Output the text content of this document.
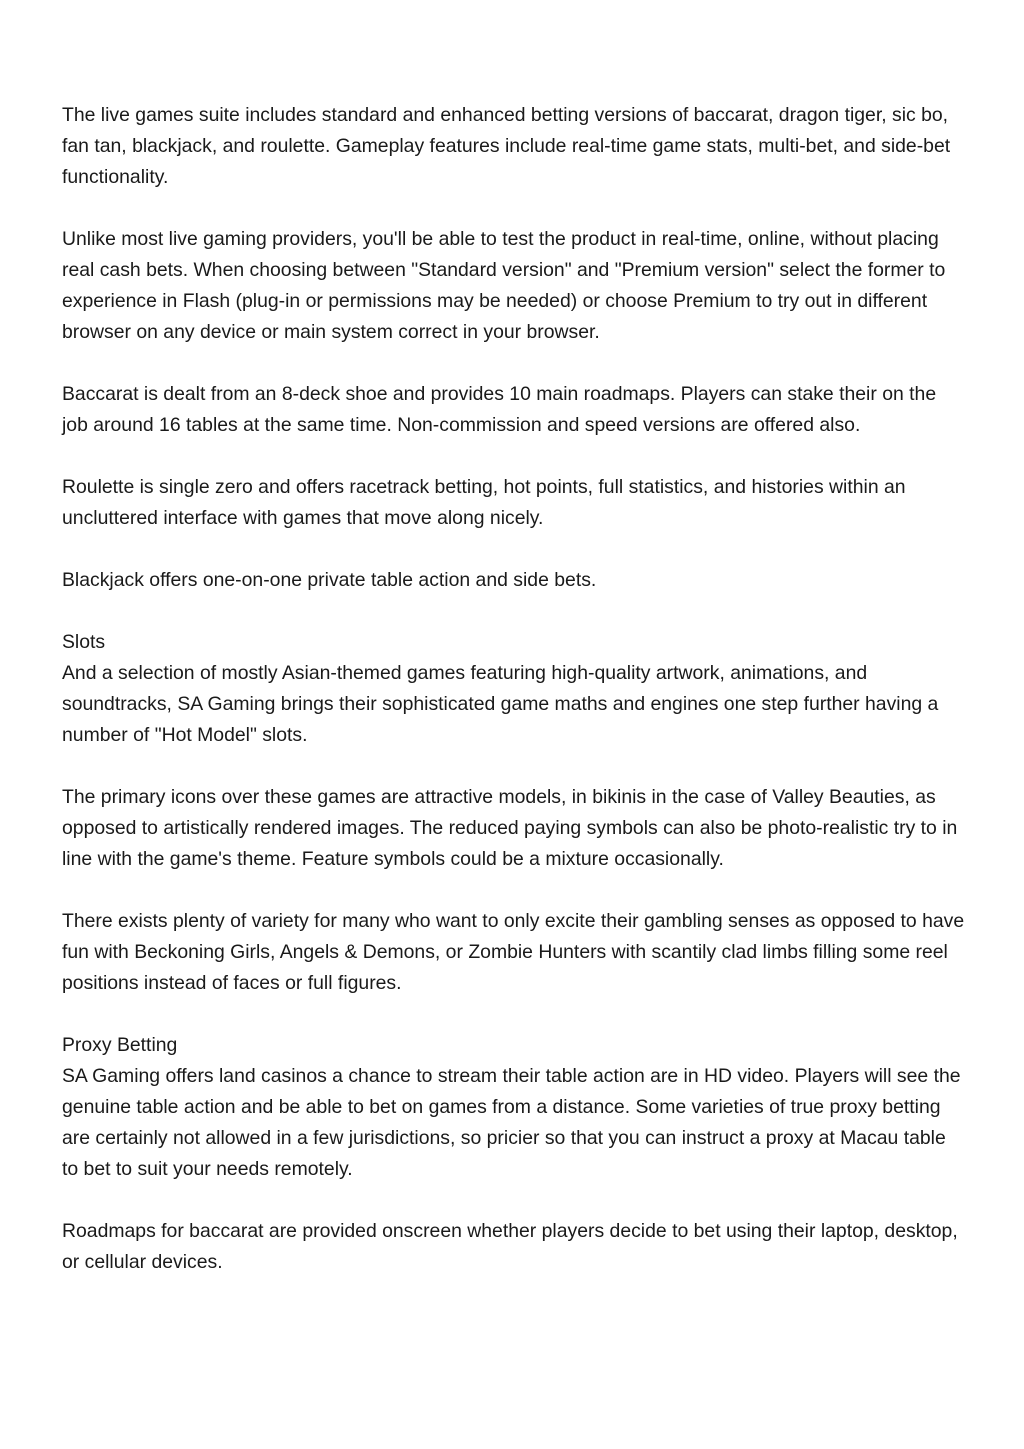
The live games suite includes standard and enhanced betting versions of baccarat, dragon tiger, sic bo, fan tan, blackjack, and roulette. Gameplay features include real-time game stats, multi-bet, and side-bet functionality.

Unlike most live gaming providers, you'll be able to test the product in real-time, online, without placing real cash bets. When choosing between "Standard version" and "Premium version" select the former to experience in Flash (plug-in or permissions may be needed) or choose Premium to try out in different browser on any device or main system correct in your browser.

Baccarat is dealt from an 8-deck shoe and provides 10 main roadmaps. Players can stake their on the job around 16 tables at the same time. Non-commission and speed versions are offered also.

Roulette is single zero and offers racetrack betting, hot points, full statistics, and histories within an uncluttered interface with games that move along nicely.

Blackjack offers one-on-one private table action and side bets.

Slots

And a selection of mostly Asian-themed games featuring high-quality artwork, animations, and soundtracks, SA Gaming brings their sophisticated game maths and engines one step further having a number of "Hot Model" slots.

The primary icons over these games are attractive models, in bikinis in the case of Valley Beauties, as opposed to artistically rendered images. The reduced paying symbols can also be photo-realistic try to in line with the game's theme. Feature symbols could be a mixture occasionally.

There exists plenty of variety for many who want to only excite their gambling senses as opposed to have fun with Beckoning Girls, Angels & Demons, or Zombie Hunters with scantily clad limbs filling some reel positions instead of faces or full figures.

Proxy Betting

SA Gaming offers land casinos a chance to stream their table action are in HD video. Players will see the genuine table action and be able to bet on games from a distance. Some varieties of true proxy betting are certainly not allowed in a few jurisdictions, so pricier so that you can instruct a proxy at Macau table to bet to suit your needs remotely.

Roadmaps for baccarat are provided onscreen whether players decide to bet using their laptop, desktop, or cellular devices.
